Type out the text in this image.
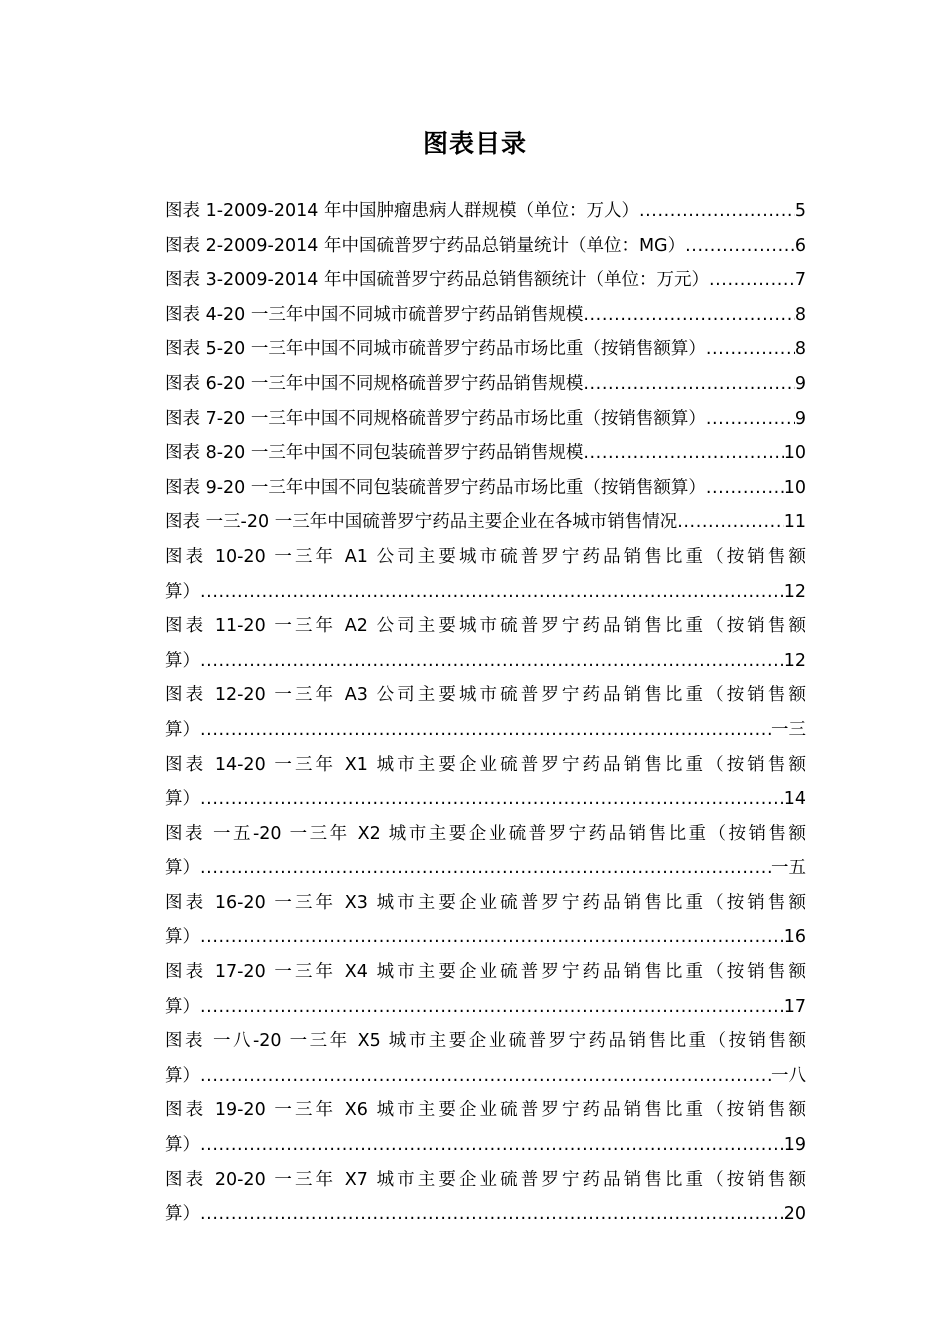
图表目录
图表 1-2009-2014 年中国肿瘤患病人群规模（单位：万人） .....	5
图表 2-2009-2014 年中国硫普罗宁药品总销量统计（单位：MG） .....	6
图表 3-2009-2014 年中国硫普罗宁药品总销售额统计（单位：万元） .....	7
图表 4-20 一三年中国不同城市硫普罗宁药品销售规模 .....	8
图表 5-20 一三年中国不同城市硫普罗宁药品市场比重（按销售额算） .....	8
图表 6-20 一三年中国不同规格硫普罗宁药品销售规模 .....	9
图表 7-20 一三年中国不同规格硫普罗宁药品市场比重（按销售额算） .....	9
图表 8-20 一三年中国不同包装硫普罗宁药品销售规模 .....	10
图表 9-20 一三年中国不同包装硫普罗宁药品市场比重（按销售额算） .....	10
图表 一三-20 一三年中国硫普罗宁药品主要企业在各城市销售情况 .....	11
图表 10-20 一三年 A1 公司主要城市硫普罗宁药品销售比重（按销售额
算） .....	12
图表 11-20 一三年 A2 公司主要城市硫普罗宁药品销售比重（按销售额
算） .....	12
图表 12-20 一三年 A3 公司主要城市硫普罗宁药品销售比重（按销售额
算） .....	一三
图表 14-20 一三年 X1 城市主要企业硫普罗宁药品销售比重（按销售额
算） .....	14
图表 一五-20 一三年 X2 城市主要企业硫普罗宁药品销售比重（按销售额
算） .....	一五
图表 16-20 一三年 X3 城市主要企业硫普罗宁药品销售比重（按销售额
算） .....	16
图表 17-20 一三年 X4 城市主要企业硫普罗宁药品销售比重（按销售额
算） .....	17
图表 一八-20 一三年 X5 城市主要企业硫普罗宁药品销售比重（按销售额
算） .....	一八
图表 19-20 一三年 X6 城市主要企业硫普罗宁药品销售比重（按销售额
算） .....	19
图表 20-20 一三年 X7 城市主要企业硫普罗宁药品销售比重（按销售额
算） .....	20
